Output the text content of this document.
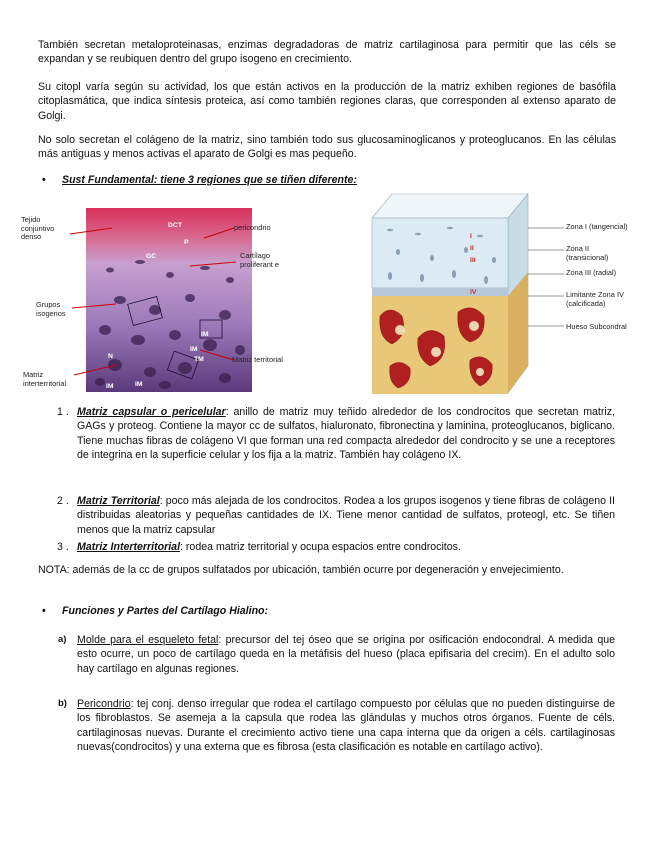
También secretan metaloproteinasas, enzimas degradadoras de matriz cartilaginosa para permitir que las céls se expandan y se reubiquen dentro del grupo isogeno en crecimiento.

Su citopl varía según su actividad, los que están activos en la producción de la matriz exhiben regiones de basófila citoplasmática, que indica síntesis proteica, así como también regiones claras, que corresponden al extenso aparato de Golgi.

No solo secretan el colágeno de la matriz, sino también todo sus glucosaminoglicanos y proteoglucanos. En las células más antiguas y menos activas el aparato de Golgi es mas pequeño.

• Sust Fundamental: tiene 3 regiones que se tiñen diferente:
Tejido conjuntivo denso
Grupos isogenos
Matriz interterritorial
pericondrio
Cartílago proliferant e
Matriz territorial
DCT
P
GC
IM
IM
IM
TM
N
IM
I
II
III
IV
Zona I (tangencial)
Zona II (transicional)
Zona III (radial)
Limitante Zona IV (calcificada)
Hueso Subcondral
1 . Matriz capsular o pericelular: anillo de matriz muy teñido alrededor de los condrocitos que secretan matriz, GAGs y proteog. Contiene la mayor cc de sulfatos, hialuronato, fibronectina y laminina, proteoglucanos, biglicano. Tiene muchas fibras de colágeno VI que forman una red compacta alrededor del condrocito y se une a receptores de integrina en la superficie celular y los fija a la matriz. También hay colágeno IX.
2 . Matriz Territorial: poco más alejada de los condrocitos. Rodea a los grupos isogenos y tiene fibras de colágeno II distribuidas aleatorias y pequeñas cantidades de IX. Tiene menor cantidad de sulfatos, proteogl, etc. Se tiñen menos que la matriz capsular
3 . Matriz Interterritorial: rodea matriz territorial y ocupa espacios entre condrocitos.

NOTA: además de la cc de grupos sulfatados por ubicación, también ocurre por degeneración y envejecimiento.

• Funciones y Partes del Cartílago Hialino:
a) Molde para el esqueleto fetal: precursor del tej óseo que se origina por osificación endocondral. A medida que esto ocurre, un poco de cartílago queda en la metáfisis del hueso (placa epifisaria del crecim). En el adulto solo hay cartílago en algunas regiones.
b) Pericondrio: tej conj. denso irregular que rodea el cartílago compuesto por células que no pueden distinguirse de los fibroblastos. Se asemeja a la capsula que rodea las glándulas y muchos otros órganos. Fuente de céls. cartilaginosas nuevas. Durante el crecimiento activo tiene una capa interna que da origen a céls. cartilaginosas nuevas(condrocitos) y una externa que es fibrosa (esta clasificación es notable en cartílago activo).
